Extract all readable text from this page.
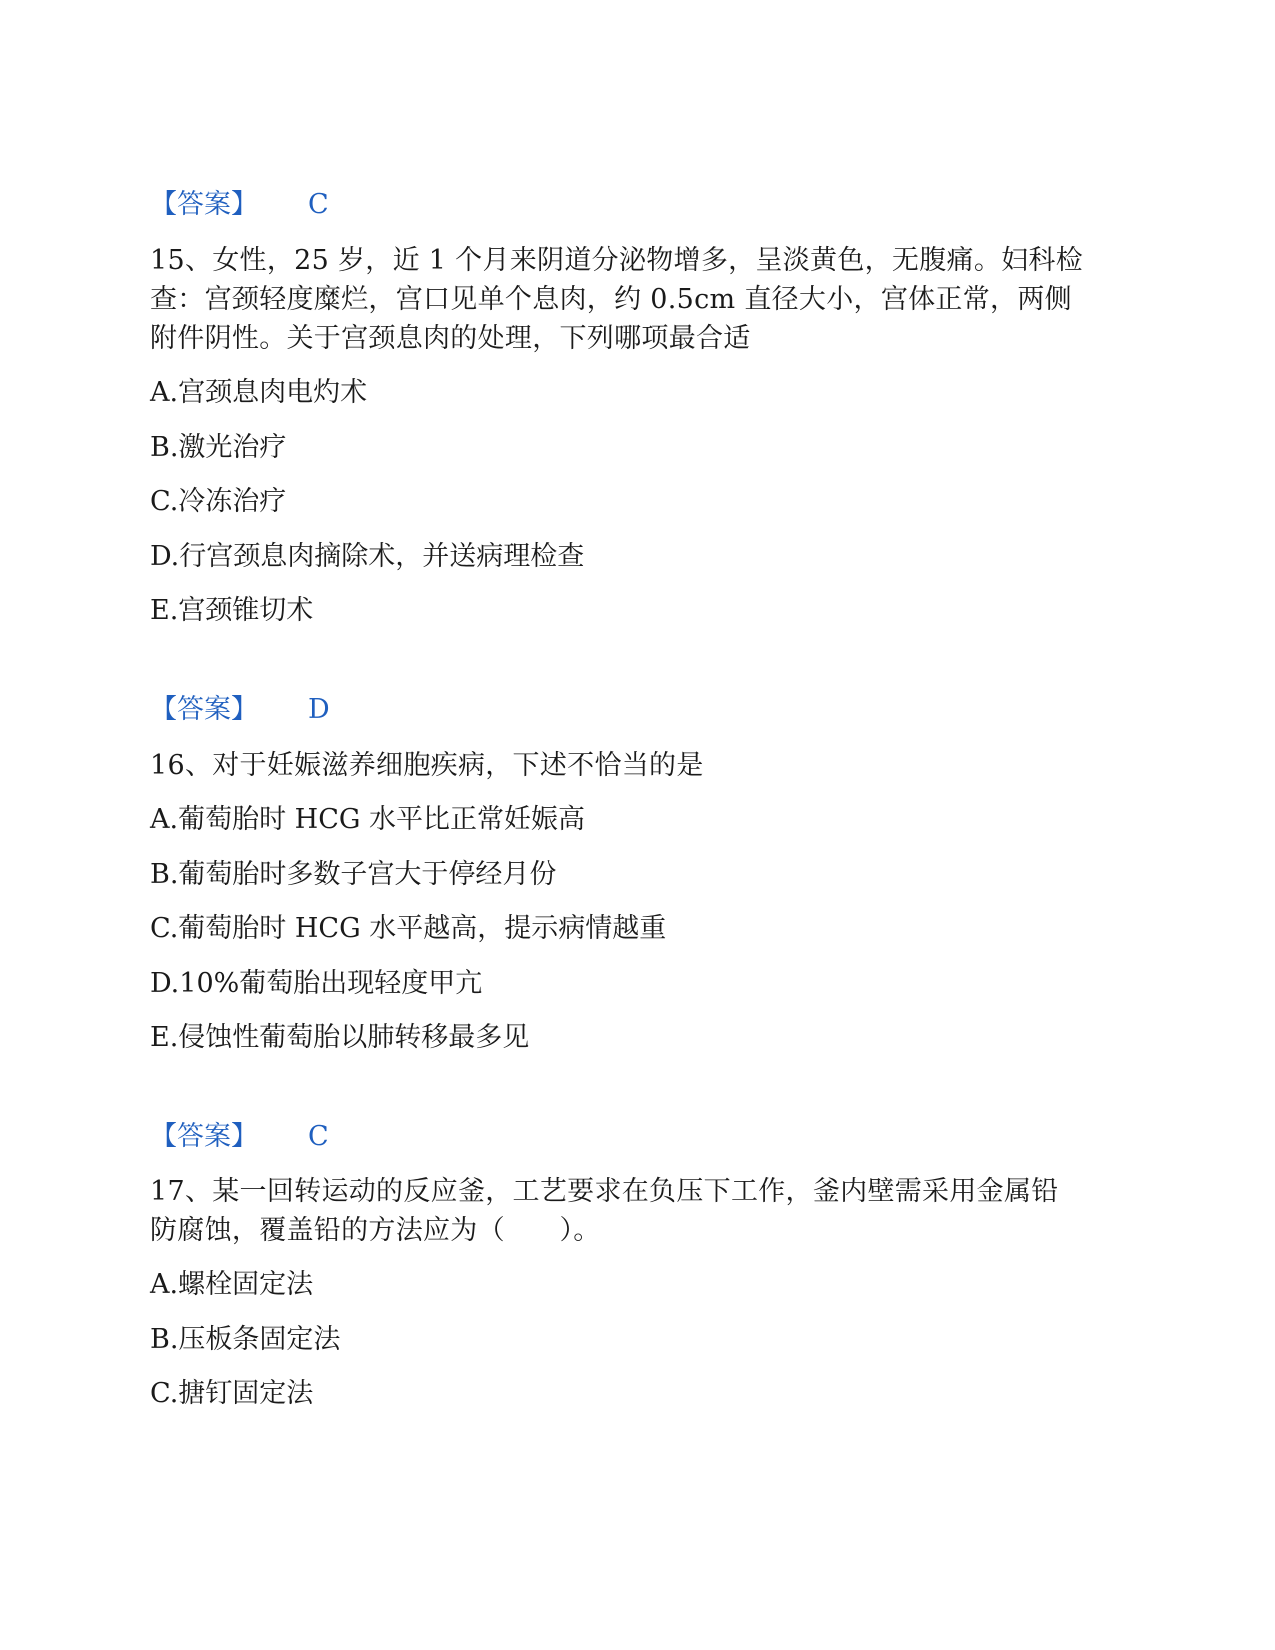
【答案】 C
15、女性，25 岁，近 1 个月来阴道分泌物增多，呈淡黄色，无腹痛。妇科检
查：宫颈轻度糜烂，宫口见单个息肉，约 0.5cm 直径大小，宫体正常，两侧
附件阴性。关于宫颈息肉的处理，下列哪项最合适
A.宫颈息肉电灼术
B.激光治疗
C.冷冻治疗
D.行宫颈息肉摘除术，并送病理检查
E.宫颈锥切术
【答案】 D
16、对于妊娠滋养细胞疾病，下述不恰当的是
A.葡萄胎时 HCG 水平比正常妊娠高
B.葡萄胎时多数子宫大于停经月份
C.葡萄胎时 HCG 水平越高，提示病情越重
D.10%葡萄胎出现轻度甲亢
E.侵蚀性葡萄胎以肺转移最多见
【答案】 C
17、某一回转运动的反应釜，工艺要求在负压下工作，釜内壁需采用金属铅
防腐蚀，覆盖铅的方法应为（　　）。
A.螺栓固定法
B.压板条固定法
C.搪钉固定法
